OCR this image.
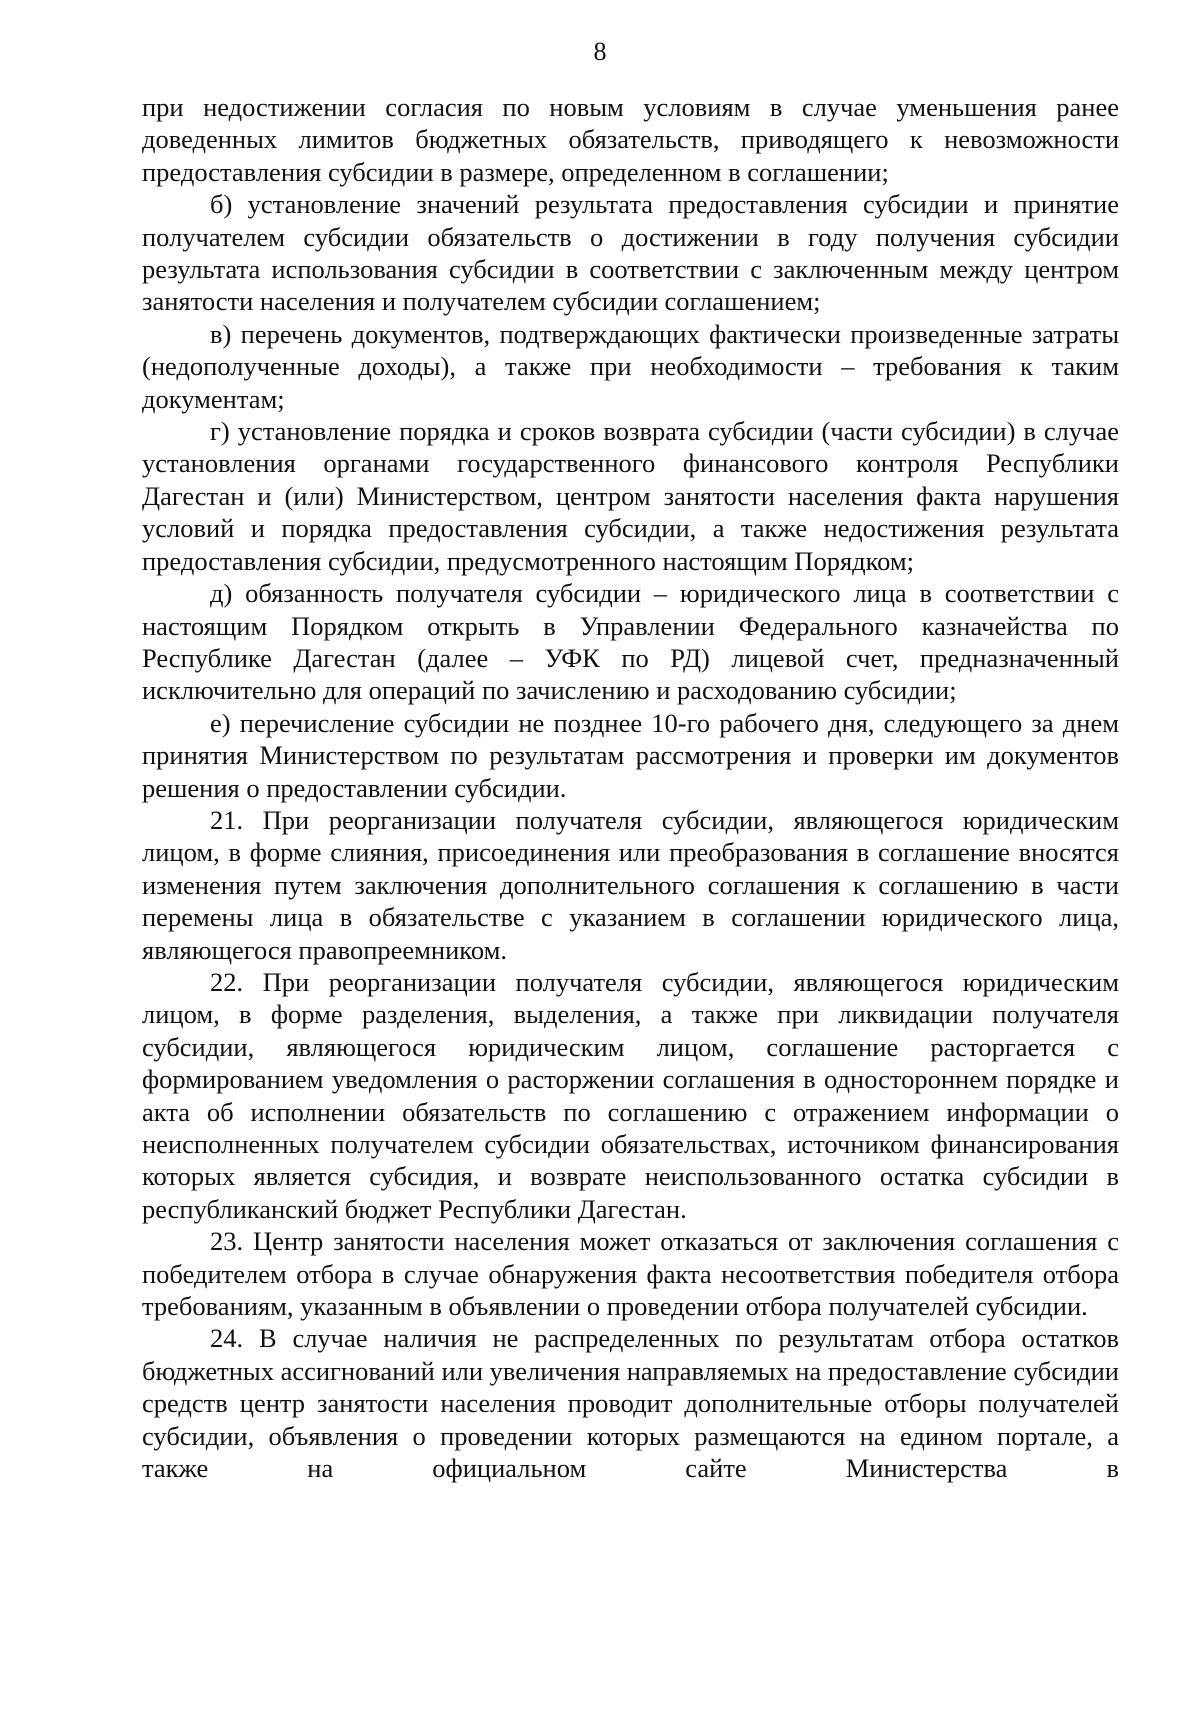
8

при недостижении согласия по новым условиям в случае уменьшения ранее доведенных лимитов бюджетных обязательств, приводящего к невозможности предоставления субсидии в размере, определенном в соглашении;

б) установление значений результата предоставления субсидии и принятие получателем субсидии обязательств о достижении в году получения субсидии результата использования субсидии в соответствии с заключенным между центром занятости населения и получателем субсидии соглашением;

в) перечень документов, подтверждающих фактически произведенные затраты (недополученные доходы), а также при необходимости – требования к таким документам;

г) установление порядка и сроков возврата субсидии (части субсидии) в случае установления органами государственного финансового контроля Республики Дагестан и (или) Министерством, центром занятости населения факта нарушения условий и порядка предоставления субсидии, а также недостижения результата предоставления субсидии, предусмотренного настоящим Порядком;

д) обязанность получателя субсидии – юридического лица в соответствии с настоящим Порядком открыть в Управлении Федерального казначейства по Республике Дагестан (далее – УФК по РД) лицевой счет, предназначенный исключительно для операций по зачислению и расходованию субсидии;

е) перечисление субсидии не позднее 10-го рабочего дня, следующего за днем принятия Министерством по результатам рассмотрения и проверки им документов решения о предоставлении субсидии.

21. При реорганизации получателя субсидии, являющегося юридическим лицом, в форме слияния, присоединения или преобразования в соглашение вносятся изменения путем заключения дополнительного соглашения к соглашению в части перемены лица в обязательстве с указанием в соглашении юридического лица, являющегося правопреемником.

22. При реорганизации получателя субсидии, являющегося юридическим лицом, в форме разделения, выделения, а также при ликвидации получателя субсидии, являющегося юридическим лицом, соглашение расторгается с формированием уведомления о расторжении соглашения в одностороннем порядке и акта об исполнении обязательств по соглашению с отражением информации о неисполненных получателем субсидии обязательствах, источником финансирования которых является субсидия, и возврате неиспользованного остатка субсидии в республиканский бюджет Республики Дагестан.

23. Центр занятости населения может отказаться от заключения соглашения с победителем отбора в случае обнаружения факта несоответствия победителя отбора требованиям, указанным в объявлении о проведении отбора получателей субсидии.

24. В случае наличия не распределенных по результатам отбора остатков бюджетных ассигнований или увеличения направляемых на предоставление субсидии средств центр занятости населения проводит дополнительные отборы получателей субсидии, объявления о проведении которых размещаются на едином портале, а также на официальном сайте Министерства в
